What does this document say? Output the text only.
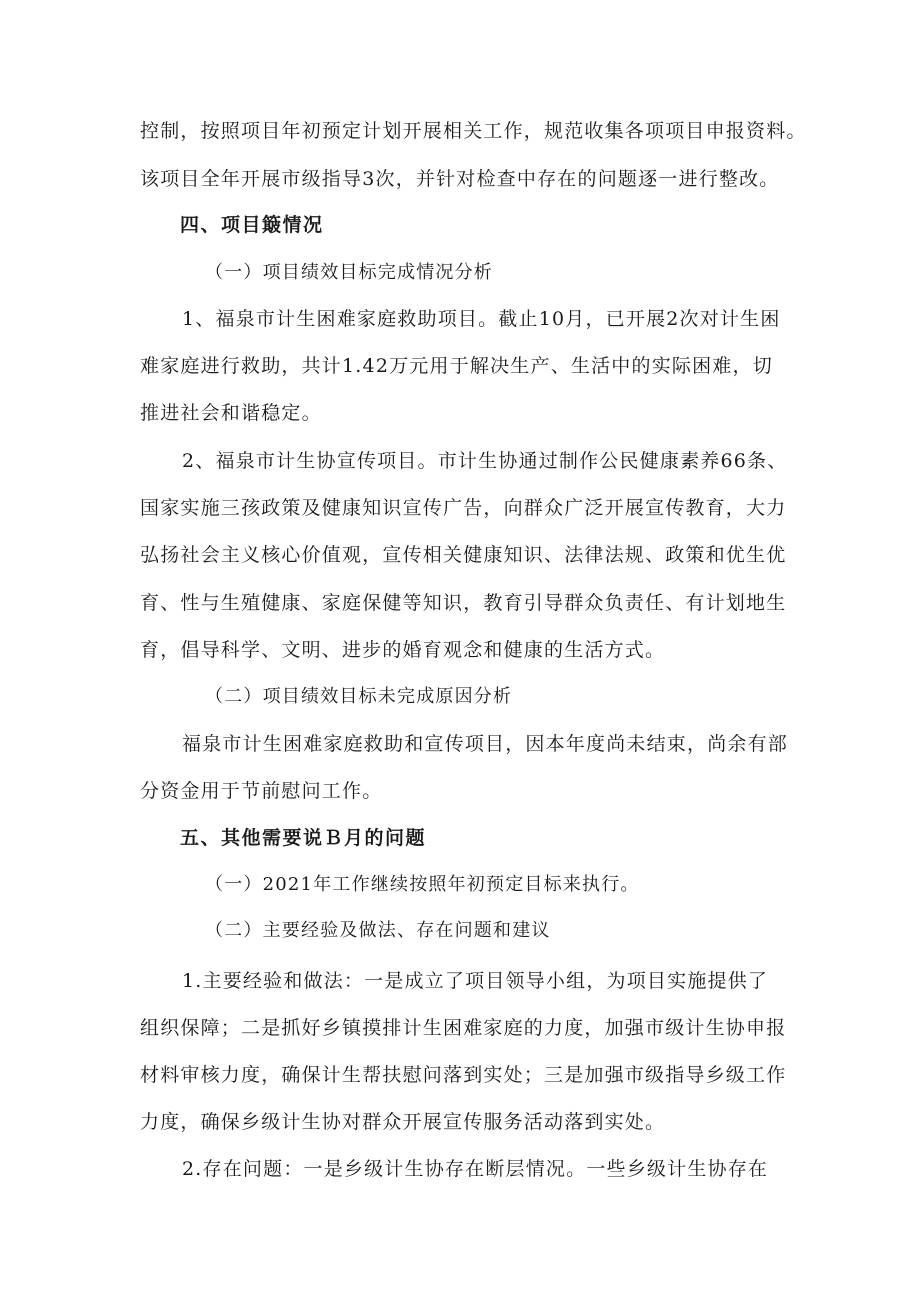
控制，按照项目年初预定计划开展相关工作，规范收集各项项目申报资料。
该项目全年开展市级指导3次，并针对检查中存在的问题逐一进行整改。
四、项目簸情况
（一）项目绩效目标完成情况分析
1、福泉市计生困难家庭救助项目。截止10月，已开展2次对计生困
难家庭进行救助，共计1.42万元用于解决生产、生活中的实际困难，切
推进社会和谐稳定。
2、福泉市计生协宣传项目。市计生协通过制作公民健康素养66条、
国家实施三孩政策及健康知识宣传广告，向群众广泛开展宣传教育，大力
弘扬社会主义核心价值观，宣传相关健康知识、法律法规、政策和优生优
育、性与生殖健康、家庭保健等知识，教育引导群众负责任、有计划地生
育，倡导科学、文明、进步的婚育观念和健康的生活方式。
（二）项目绩效目标未完成原因分析
福泉市计生困难家庭救助和宣传项目，因本年度尚未结束，尚余有部
分资金用于节前慰问工作。
五、其他需要说Ｂ月的问题
（一）2021年工作继续按照年初预定目标来执行。
（二）主要经验及做法、存在问题和建议
1.主要经验和做法：一是成立了项目领导小组，为项目实施提供了
组织保障；二是抓好乡镇摸排计生困难家庭的力度，加强市级计生协申报
材料审核力度，确保计生帮扶慰问落到实处；三是加强市级指导乡级工作
力度，确保乡级计生协对群众开展宣传服务活动落到实处。
2.存在问题：一是乡级计生协存在断层情况。一些乡级计生协存在
